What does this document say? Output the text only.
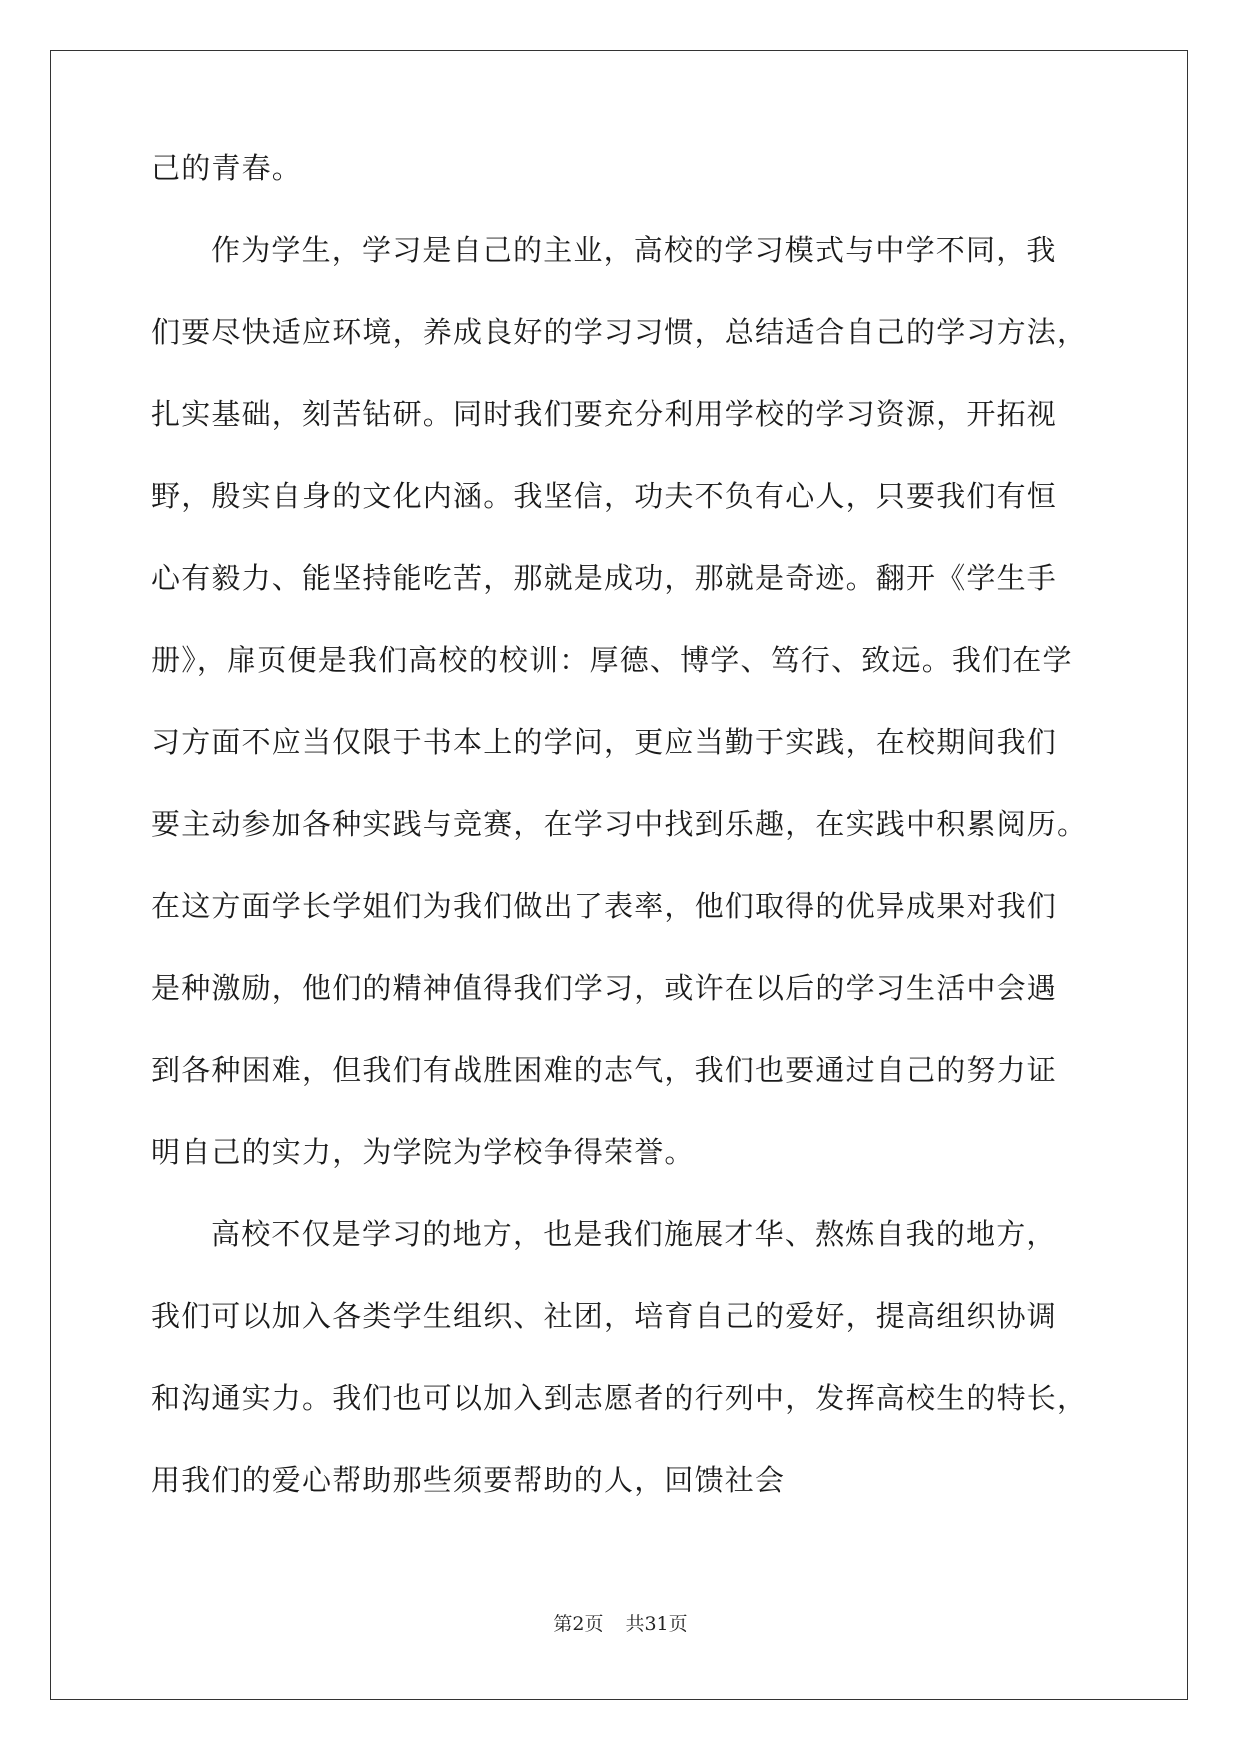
己的青春。
作为学生，学习是自己的主业，高校的学习模式与中学不同，我
们要尽快适应环境，养成良好的学习习惯，总结适合自己的学习方法，
扎实基础，刻苦钻研。同时我们要充分利用学校的学习资源，开拓视
野，殷实自身的文化内涵。我坚信，功夫不负有心人，只要我们有恒
心有毅力、能坚持能吃苦，那就是成功，那就是奇迹。翻开《学生手
册》，扉页便是我们高校的校训：厚德、博学、笃行、致远。我们在学
习方面不应当仅限于书本上的学问，更应当勤于实践，在校期间我们
要主动参加各种实践与竞赛，在学习中找到乐趣，在实践中积累阅历。
在这方面学长学姐们为我们做出了表率，他们取得的优异成果对我们
是种激励，他们的精神值得我们学习，或许在以后的学习生活中会遇
到各种困难，但我们有战胜困难的志气，我们也要通过自己的努力证
明自己的实力，为学院为学校争得荣誉。
高校不仅是学习的地方，也是我们施展才华、熬炼自我的地方，
我们可以加入各类学生组织、社团，培育自己的爱好，提高组织协调
和沟通实力。我们也可以加入到志愿者的行列中，发挥高校生的特长，
用我们的爱心帮助那些须要帮助的人，回馈社会
第2页 共31页
